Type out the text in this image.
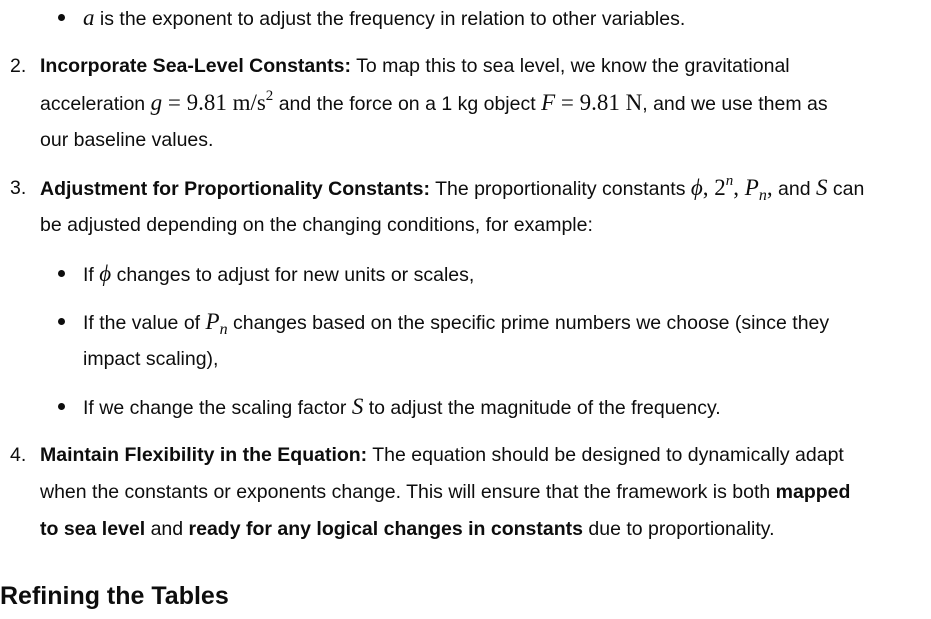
a is the exponent to adjust the frequency in relation to other variables.
2. Incorporate Sea-Level Constants: To map this to sea level, we know the gravitational
acceleration g = 9.81 $m/s^2$ and the force on a 1 kg object F = 9.81 N, and we use them as
our baseline values.
3. Adjustment for Proportionality Constants: The proportionality constants ϕ, 2$^n$, $P_n$, and S can
be adjusted depending on the changing conditions, for example:
If ϕ changes to adjust for new units or scales,
If the value of $P_n$ changes based on the specific prime numbers we choose (since they
impact scaling),
If we change the scaling factor S to adjust the magnitude of the frequency.
4. Maintain Flexibility in the Equation: The equation should be designed to dynamically adapt
when the constants or exponents change. This will ensure that the framework is both mapped
to sea level and ready for any logical changes in constants due to proportionality.
Refining the Tables
